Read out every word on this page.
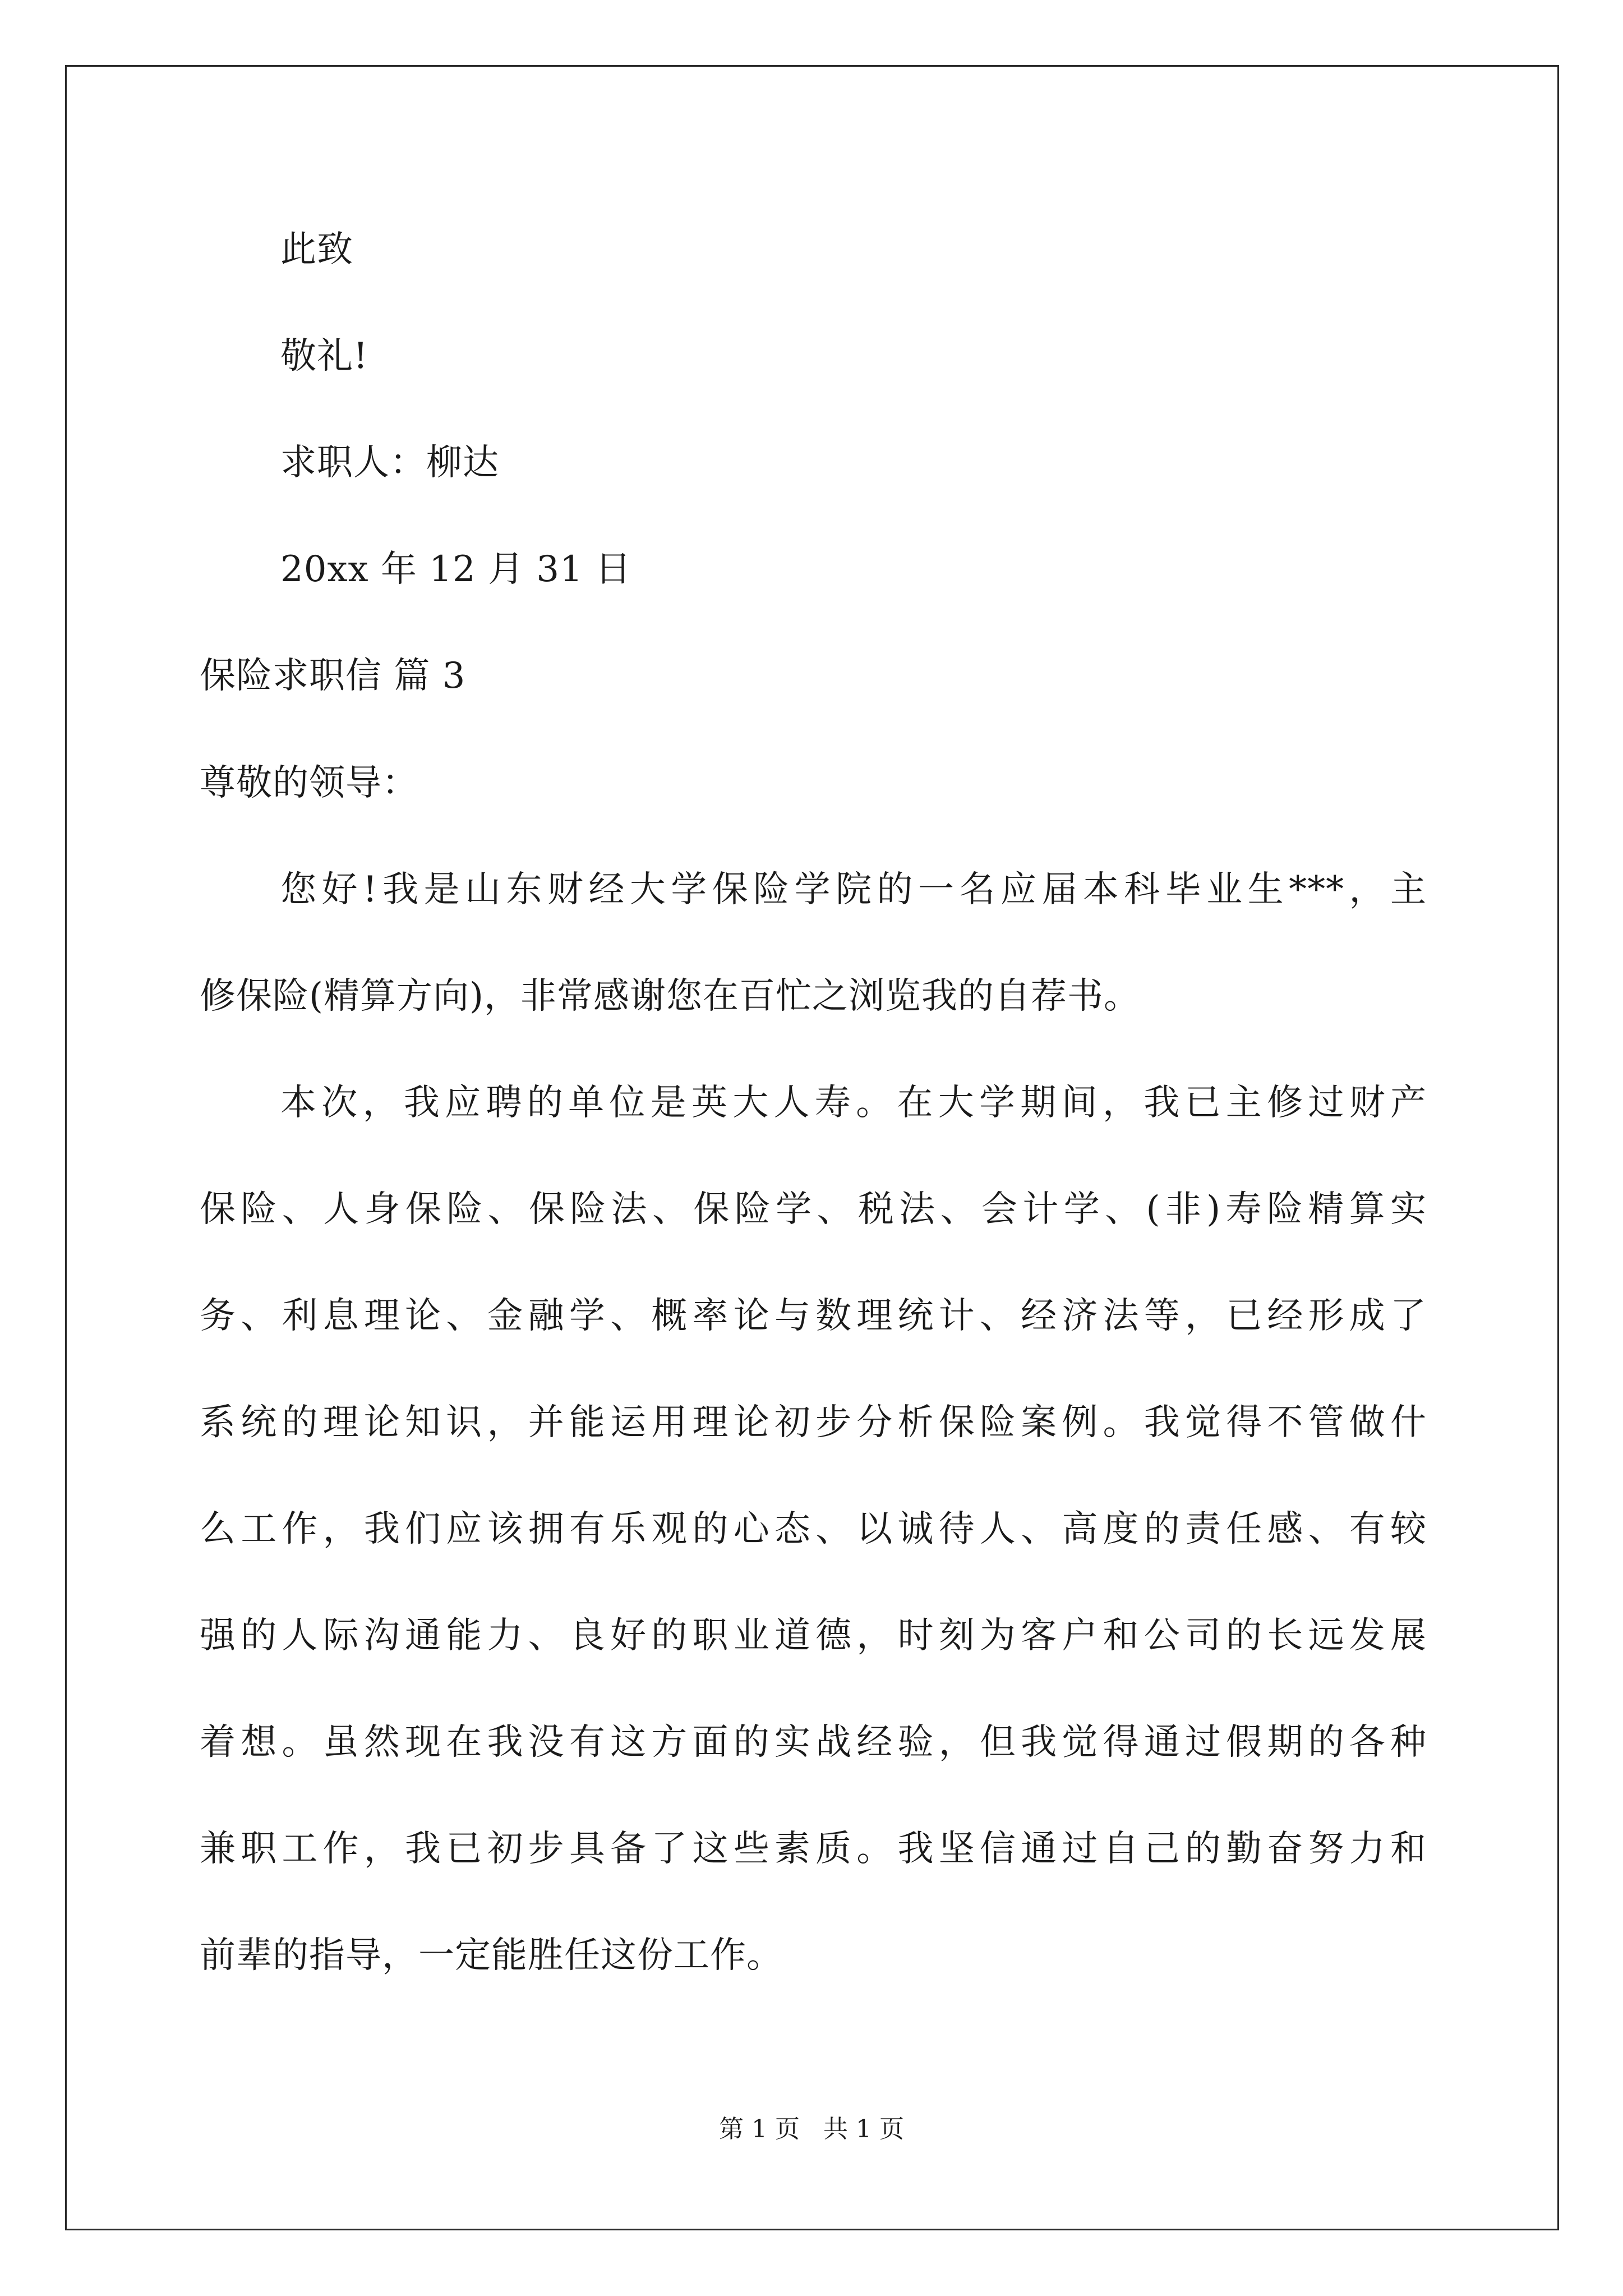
此致
敬礼!
求职人：柳达
20xx 年 12 月 31 日
保险求职信 篇 3
尊敬的领导：
您好!我是山东财经大学保险学院的一名应届本科毕业生***，主
修保险(精算方向)，非常感谢您在百忙之浏览我的自荐书。
本次，我应聘的单位是英大人寿。在大学期间，我已主修过财产
保险、人身保险、保险法、保险学、税法、会计学、(非)寿险精算实
务、利息理论、金融学、概率论与数理统计、经济法等，已经形成了
系统的理论知识，并能运用理论初步分析保险案例。我觉得不管做什
么工作，我们应该拥有乐观的心态、以诚待人、高度的责任感、有较
强的人际沟通能力、良好的职业道德，时刻为客户和公司的长远发展
着想。虽然现在我没有这方面的实战经验，但我觉得通过假期的各种
兼职工作，我已初步具备了这些素质。我坚信通过自己的勤奋努力和
前辈的指导，一定能胜任这份工作。
第 1 页   共 1 页
